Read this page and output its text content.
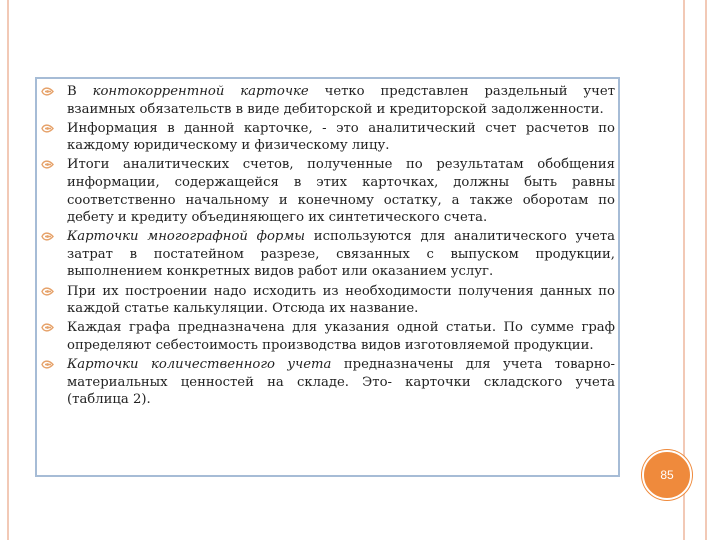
В контокоррентной карточке четко представлен раздельный учет взаимных обязательств в виде дебиторской и кредиторской задолженности.
Информация в данной карточке, - это аналитический счет расчетов по каждому юридическому и физическому лицу.
Итоги аналитических счетов, полученные по результатам обобщения информации, содержащейся в этих карточках, должны быть равны соответственно начальному и конечному остатку, а также оборотам по дебету и кредиту объединяющего их синтетического счета.
Карточки многографной формы используются для аналитического учета затрат в постатейном разрезе, связанных с выпуском продукции, выполнением конкретных видов работ или оказанием услуг.
При их построении надо исходить из необходимости получения данных по каждой статье калькуляции. Отсюда их название.
Каждая графа предназначена для указания одной статьи. По сумме граф определяют себестоимость производства видов изготовляемой продукции.
Карточки количественного учета предназначены для учета товарно-материальных ценностей на складе. Это- карточки складского учета (таблица 2).
85
